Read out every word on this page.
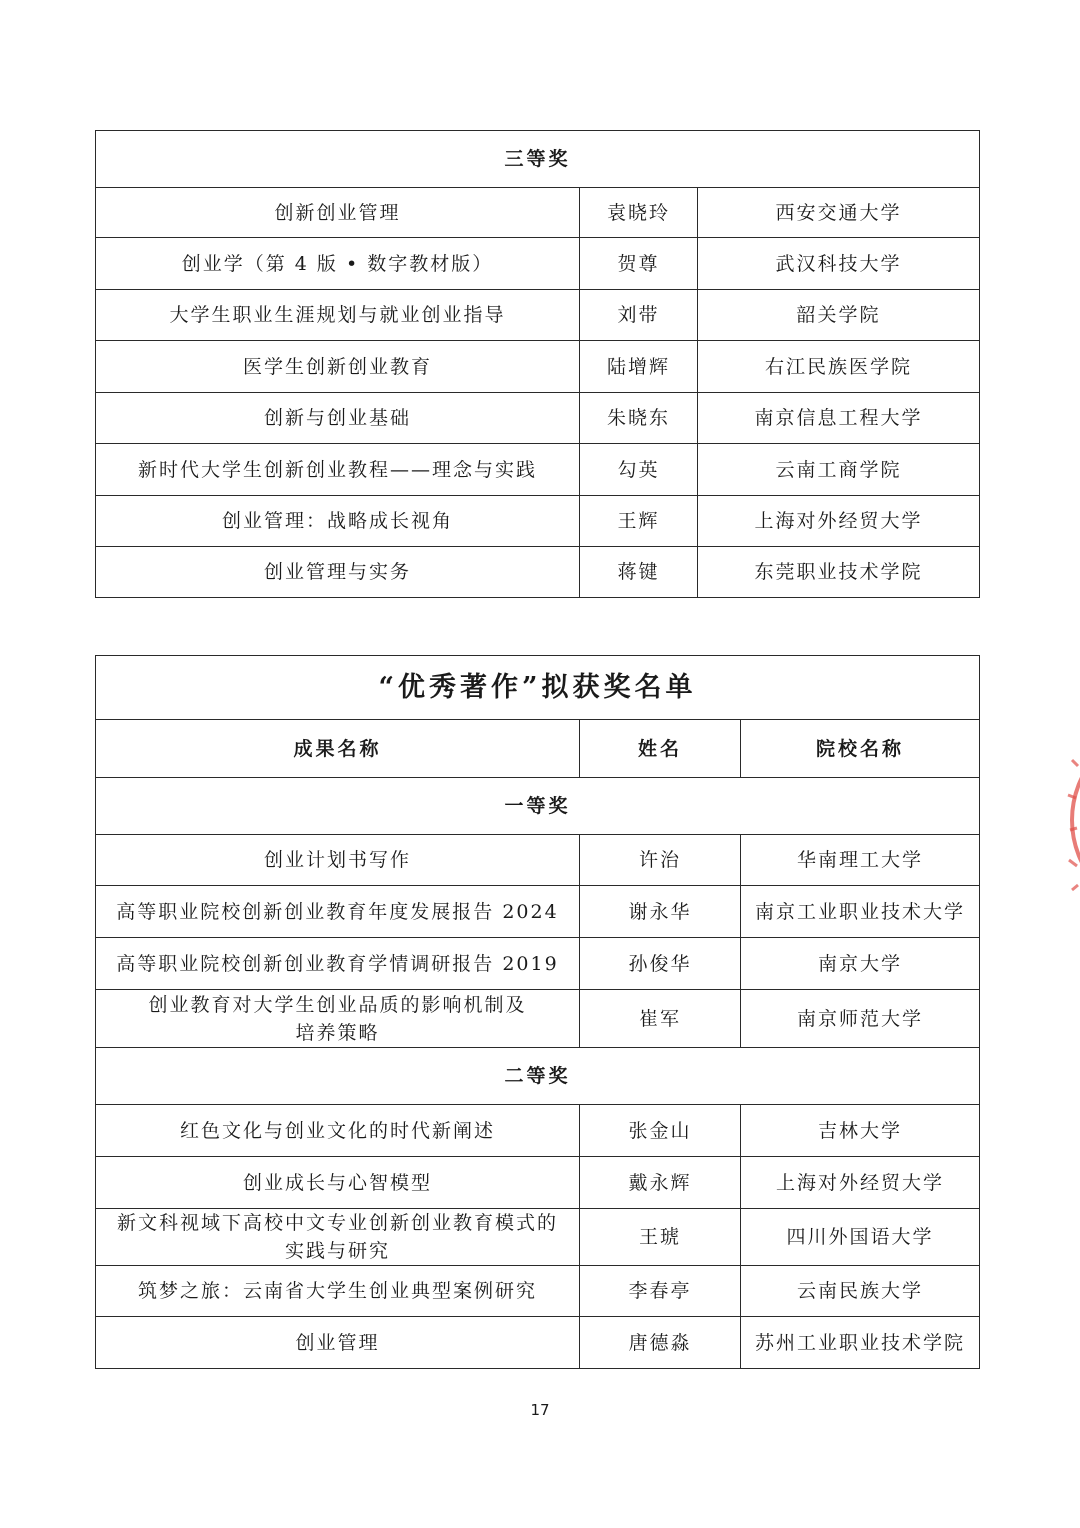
三等奖		
创新创业管理	袁晓玲	西安交通大学
创业学（第 4 版 • 数字教材版）	贺尊	武汉科技大学
大学生职业生涯规划与就业创业指导	刘带	韶关学院
医学生创新创业教育	陆增辉	右江民族医学院
创新与创业基础	朱晓东	南京信息工程大学
新时代大学生创新创业教程——理念与实践	勾英	云南工商学院
创业管理：战略成长视角	王辉	上海对外经贸大学
创业管理与实务	蒋键	东莞职业技术学院
“优秀著作”拟获奖名单		
成果名称	姓名	院校名称
一等奖		
创业计划书写作	许治	华南理工大学
高等职业院校创新创业教育年度发展报告 2024	谢永华	南京工业职业技术大学
高等职业院校创新创业教育学情调研报告 2019	孙俊华	南京大学

创业教育对大学生创业品质的影响机制及
培养策略	崔军	南京师范大学
二等奖		
红色文化与创业文化的时代新阐述	张金山	吉林大学
创业成长与心智模型	戴永辉	上海对外经贸大学

新文科视域下高校中文专业创新创业教育模式的
实践与研究	王琥	四川外国语大学
筑梦之旅：云南省大学生创业典型案例研究	李春亭	云南民族大学
创业管理	唐德淼	苏州工业职业技术学院
17
